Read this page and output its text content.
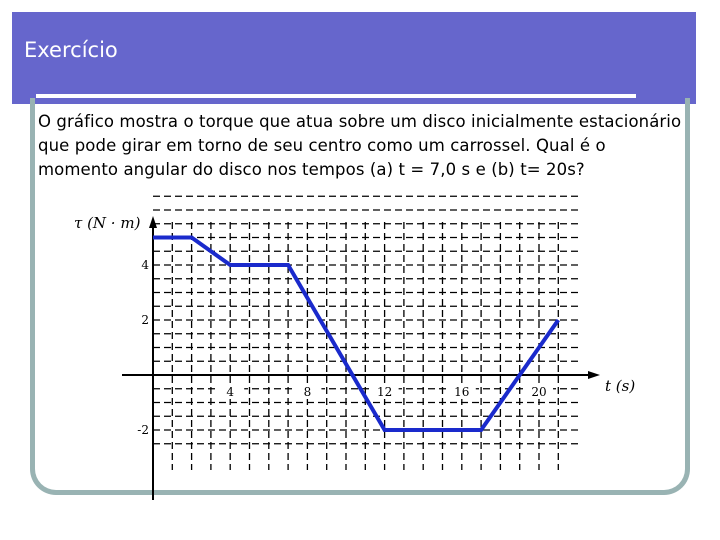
Exercício
O gráfico mostra o torque que atua sobre um disco inicialmente estacionário que pode girar em torno de seu centro como um carrossel. Qual é o momento angular do disco nos tempos (a) t = 7,0 s e (b) t= 20s?
4	8	12	16	20
4
2
-2
τ (N · m)
t (s)
